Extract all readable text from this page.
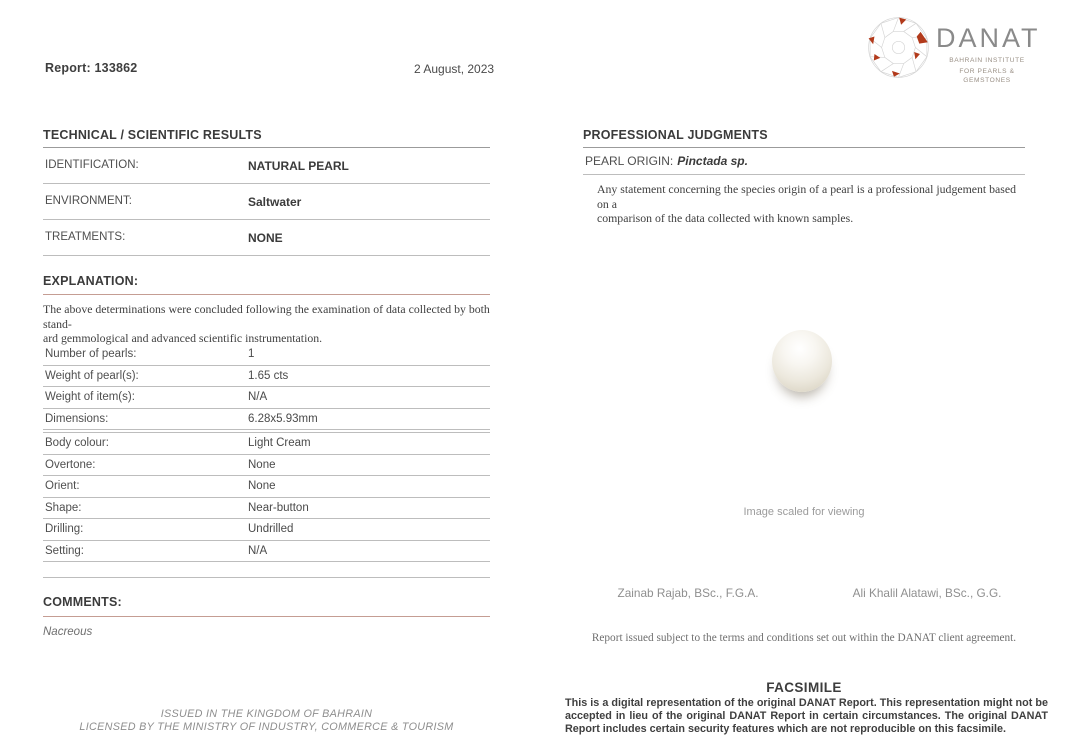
Report: 133862	2 August, 2023
DANAT
BAHRAIN INSTITUTE
FOR PEARLS & GEMSTONES
TECHNICAL / SCIENTIFIC RESULTS
IDENTIFICATION:	NATURAL PEARL
ENVIRONMENT:	Saltwater
TREATMENTS:	NONE
EXPLANATION:
The above determinations were concluded following the examination of data collected by both stand-
ard gemmological and advanced scientific instrumentation.
Number of pearls:	1
Weight of pearl(s):	1.65 cts
Weight of item(s):	N/A
Dimensions:	6.28x5.93mm
Body colour:	Light Cream
Overtone:	None
Orient:	None
Shape:	Near-button
Drilling:	Undrilled
Setting:	N/A
COMMENTS:
Nacreous
ISSUED IN THE KINGDOM OF BAHRAIN
LICENSED BY THE MINISTRY OF INDUSTRY, COMMERCE & TOURISM
PROFESSIONAL JUDGMENTS
PEARL ORIGIN: Pinctada sp.
Any statement concerning the species origin of a pearl is a professional judgement based on a
comparison of the data collected with known samples.
Image scaled for viewing
Zainab Rajab, BSc., F.G.A.	Ali Khalil Alatawi, BSc., G.G.
Report issued subject to the terms and conditions set out within the DANAT client agreement.
FACSIMILE
This is a digital representation of the original DANAT Report. This representation might not be accepted in lieu of the original DANAT Report in certain circumstances. The original DANAT Report includes certain security features which are not reproducible on this facsimile.
